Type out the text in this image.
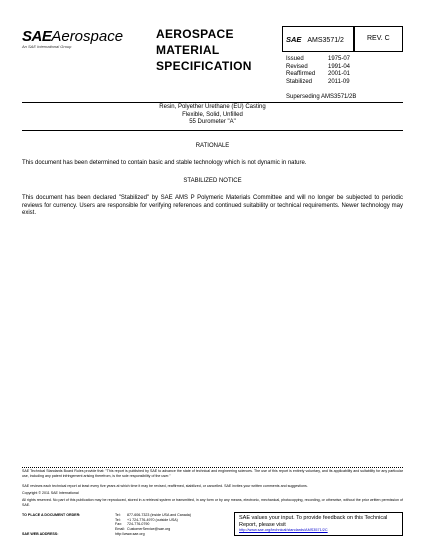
SAEAerospace
An SAE International Group
AEROSPACE
MATERIAL
SPECIFICATION
SAE AMS3571/2	REV. C
Issued	1975-07
Revised	1991-04
Reaffirmed	2001-01
Stabilized	2011-09
Superseding AMS3571/2B
Resin, Polyether Urethane (EU) Casting
Flexible, Solid, Unfilled
55 Durometer "A"
RATIONALE
This document has been determined to contain basic and stable technology which is not dynamic in nature.
STABILIZED NOTICE
This document has been declared "Stabilized" by SAE AMS P Polymeric Materials Committee and will no longer be subjected to periodic reviews for currency. Users are responsible for verifying references and continued suitability or technical requirements. Newer technology may exist.
SAE Technical Standards Board Rules provide that: "This report is published by SAE to advance the state of technical and engineering sciences. The use of this report is entirely voluntary, and its applicability and suitability for any particular use, including any patent infringement arising therefrom, is the sole responsibility of the user."
SAE reviews each technical report at least every five years at which time it may be revised, reaffirmed, stabilized, or cancelled. SAE invites your written comments and suggestions.
Copyright © 2011 SAE International
All rights reserved. No part of this publication may be reproduced, stored in a retrieval system or transmitted, in any form or by any means, electronic, mechanical, photocopying, recording, or otherwise, without the prior written permission of SAE.
TO PLACE A DOCUMENT ORDER:	Tel:	877-606-7323 (inside USA and Canada)
Tel:	+1 724-776-4970 (outside USA)
Fax:	724-776-0790
Email: CustomerService@sae.org
SAE WEB ADDRESS:	http://www.sae.org
SAE values your input. To provide feedback on this Technical Report, please visit
http://www.sae.org/technical/standards/AMS3571/2C
